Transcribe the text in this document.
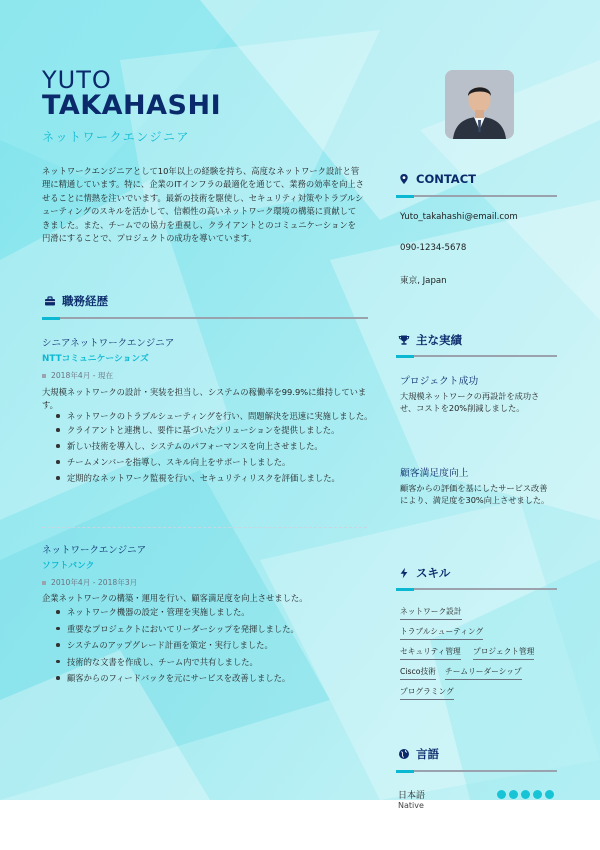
YUTO
TAKAHASHI
ネットワークエンジニア
ネットワークエンジニアとして10年以上の経験を持ち、高度なネットワーク設計と管理に精通しています。特に、企業のITインフラの最適化を通じて、業務の効率を向上させることに情熱を注いでいます。最新の技術を駆使し、セキュリティ対策やトラブルシューティングのスキルを活かして、信頼性の高いネットワーク環境の構築に貢献してきました。また、チームでの協力を重視し、クライアントとのコミュニケーションを円滑にすることで、プロジェクトの成功を導いています。
職務経歴
シニアネットワークエンジニア
NTTコミュニケーションズ
2018年4月 - 現在
大規模ネットワークの設計・実装を担当し、システムの稼働率を99.9%に維持しています。
ネットワークのトラブルシューティングを行い、問題解決を迅速に実施しました。
クライアントと連携し、要件に基づいたソリューションを提供しました。
新しい技術を導入し、システムのパフォーマンスを向上させました。
チームメンバーを指導し、スキル向上をサポートしました。
定期的なネットワーク監視を行い、セキュリティリスクを評価しました。
ネットワークエンジニア
ソフトバンク
2010年4月 - 2018年3月
企業ネットワークの構築・運用を行い、顧客満足度を向上させました。
ネットワーク機器の設定・管理を実施しました。
重要なプロジェクトにおいてリーダーシップを発揮しました。
システムのアップグレード計画を策定・実行しました。
技術的な文書を作成し、チーム内で共有しました。
顧客からのフィードバックを元にサービスを改善しました。
CONTACT
Yuto_takahashi@email.com
090-1234-5678
東京, Japan
主な実績
プロジェクト成功
大規模ネットワークの再設計を成功させ、コストを20%削減しました。
顧客満足度向上
顧客からの評価を基にしたサービス改善により、満足度を30%向上させました。
スキル
ネットワーク設計
トラブルシューティング
セキュリティ管理 プロジェクト管理
Cisco技術 チームリーダーシップ
プログラミング
言語
日本語
Native
